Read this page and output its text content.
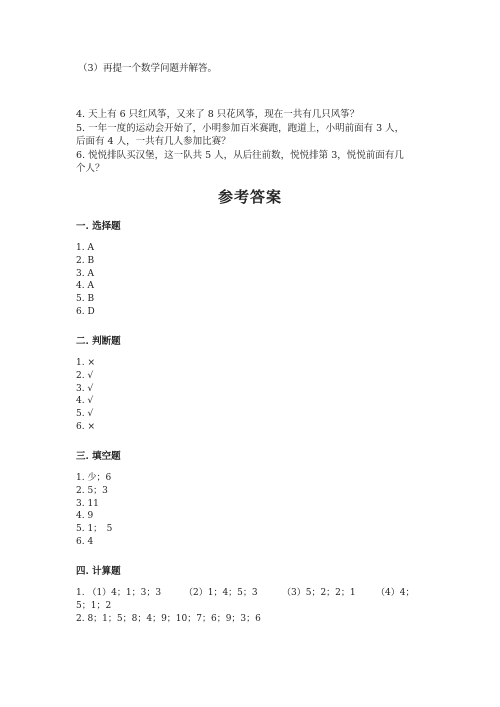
（3）再提一个数学问题并解答。
4. 天上有 6 只红风筝，又来了 8 只花风筝，现在一共有几只风筝？
5. 一年一度的运动会开始了，小明参加百米赛跑，跑道上，小明前面有 3 人，
后面有 4 人，一共有几人参加比赛？
6. 悦悦排队买汉堡，这一队共 5 人，从后往前数，悦悦排第 3，悦悦前面有几
个人？
参考答案
一. 选择题
1. A
2. B
3. A
4. A
5. B
6. D
二. 判断题
1. ×
2. √
3. √
4. √
5. √
6. ×
三. 填空题
1. 少；6
2. 5；3
3. 11
4. 9
5. 1；　5
6. 4
四. 计算题
1. （1）4；1；3；3	（2）1；4；5；3	（3）5；2；2；1 （4）4；
5；1；2
2. 8；1；5；8；4；9；10；7；6；9；3；6
